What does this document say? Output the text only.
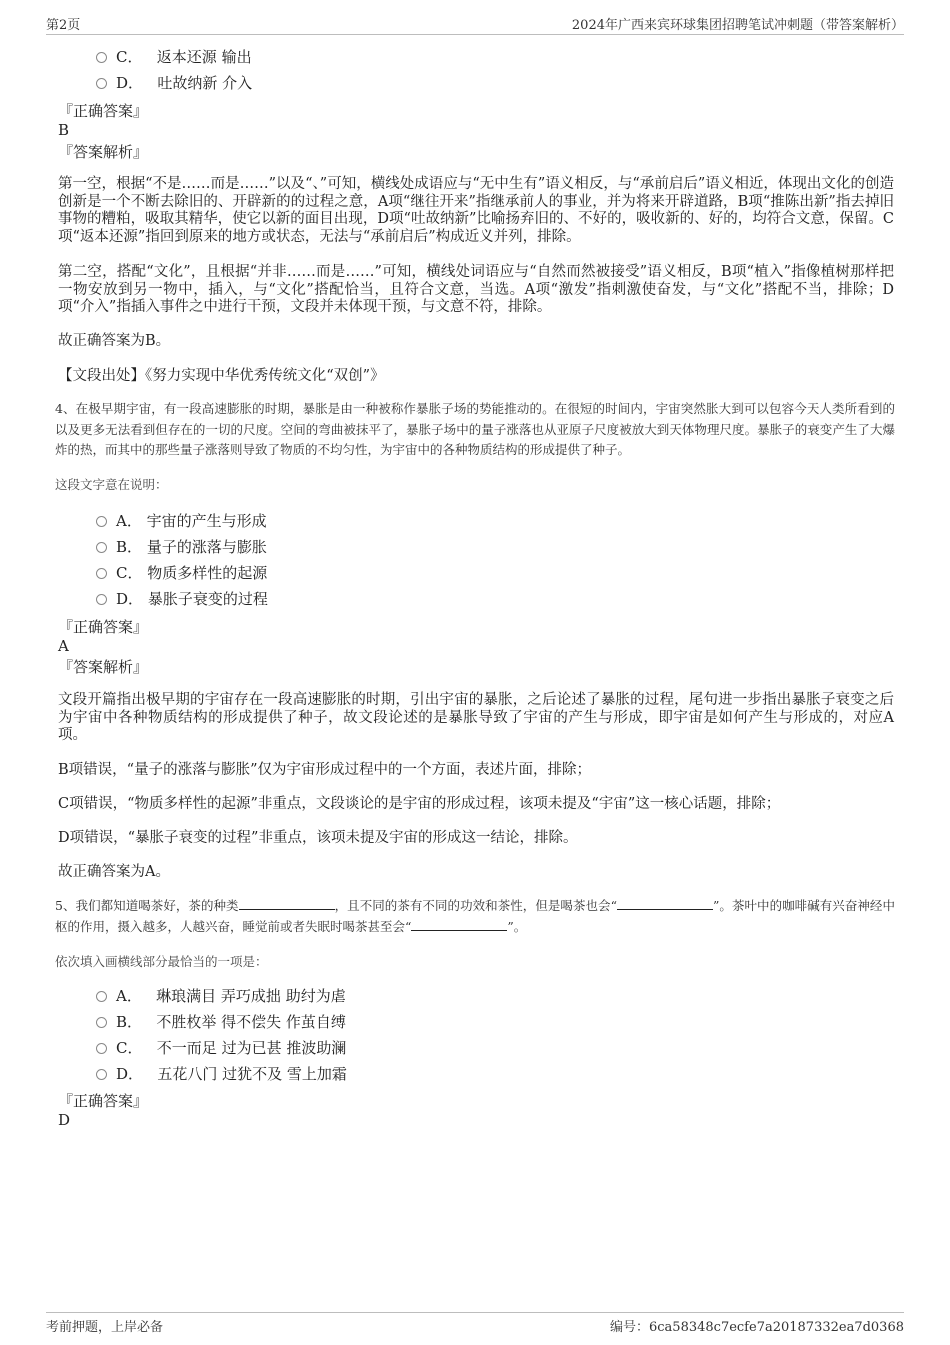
第2页	2024年广西来宾环球集团招聘笔试冲刺题（带答案解析）
C． 返本还源 输出
D． 吐故纳新 介入
『正确答案』
B
『答案解析』
第一空，根据“不是……而是……”以及“、”可知，横线处成语应与“无中生有”语义相反，与“承前启后”语义相近，体现出文化的创造创新是一个不断去除旧的、开辟新的的过程之意，A项“继往开来”指继承前人的事业，并为将来开辟道路，B项“推陈出新”指去掉旧事物的糟粕，吸取其精华，使它以新的面目出现，D项“吐故纳新”比喻扬弃旧的、不好的，吸收新的、好的，均符合文意，保留。C项“返本还源”指回到原来的地方或状态，无法与“承前启后”构成近义并列，排除。
第二空，搭配“文化”，且根据“并非……而是……”可知，横线处词语应与“自然而然被接受”语义相反，B项“植入”指像植树那样把一物安放到另一物中，插入，与“文化”搭配恰当，且符合文意，当选。A项“激发”指刺激使奋发，与“文化”搭配不当，排除；D项“介入”指插入事件之中进行干预，文段并未体现干预，与文意不符，排除。
故正确答案为B。
【文段出处】《努力实现中华优秀传统文化“双创”》
4、在极早期宇宙，有一段高速膨胀的时期，暴胀是由一种被称作暴胀子场的势能推动的。在很短的时间内，宇宙突然胀大到可以包容今天人类所看到的以及更多无法看到但存在的一切的尺度。空间的弯曲被抹平了，暴胀子场中的量子涨落也从亚原子尺度被放大到天体物理尺度。暴胀子的衰变产生了大爆炸的热，而其中的那些量子涨落则导致了物质的不均匀性，为宇宙中的各种物质结构的形成提供了种子。
这段文字意在说明：
A． 宇宙的产生与形成
B． 量子的涨落与膨胀
C． 物质多样性的起源
D． 暴胀子衰变的过程
『正确答案』
A
『答案解析』
文段开篇指出极早期的宇宙存在一段高速膨胀的时期，引出宇宙的暴胀，之后论述了暴胀的过程，尾句进一步指出暴胀子衰变之后为宇宙中各种物质结构的形成提供了种子，故文段论述的是暴胀导致了宇宙的产生与形成，即宇宙是如何产生与形成的，对应A项。
B项错误，“量子的涨落与膨胀”仅为宇宙形成过程中的一个方面，表述片面，排除；
C项错误，“物质多样性的起源”非重点，文段谈论的是宇宙的形成过程，该项未提及“宇宙”这一核心话题，排除；
D项错误，“暴胀子衰变的过程”非重点，该项未提及宇宙的形成这一结论，排除。
故正确答案为A。
5、我们都知道喝茶好，茶的种类	，且不同的茶有不同的功效和茶性，但是喝茶也会“	”。茶叶中的咖啡碱有兴奋神经中枢的作用，摄入越多，人越兴奋，睡觉前或者失眠时喝茶甚至会“	”。
依次填入画横线部分最恰当的一项是：
A． 琳琅满目 弄巧成拙 助纣为虐
B． 不胜枚举 得不偿失 作茧自缚
C． 不一而足 过为已甚 推波助澜
D． 五花八门 过犹不及 雪上加霜
『正确答案』
D
考前押题，上岸必备	编号：6ca58348c7ecfe7a20187332ea7d0368
